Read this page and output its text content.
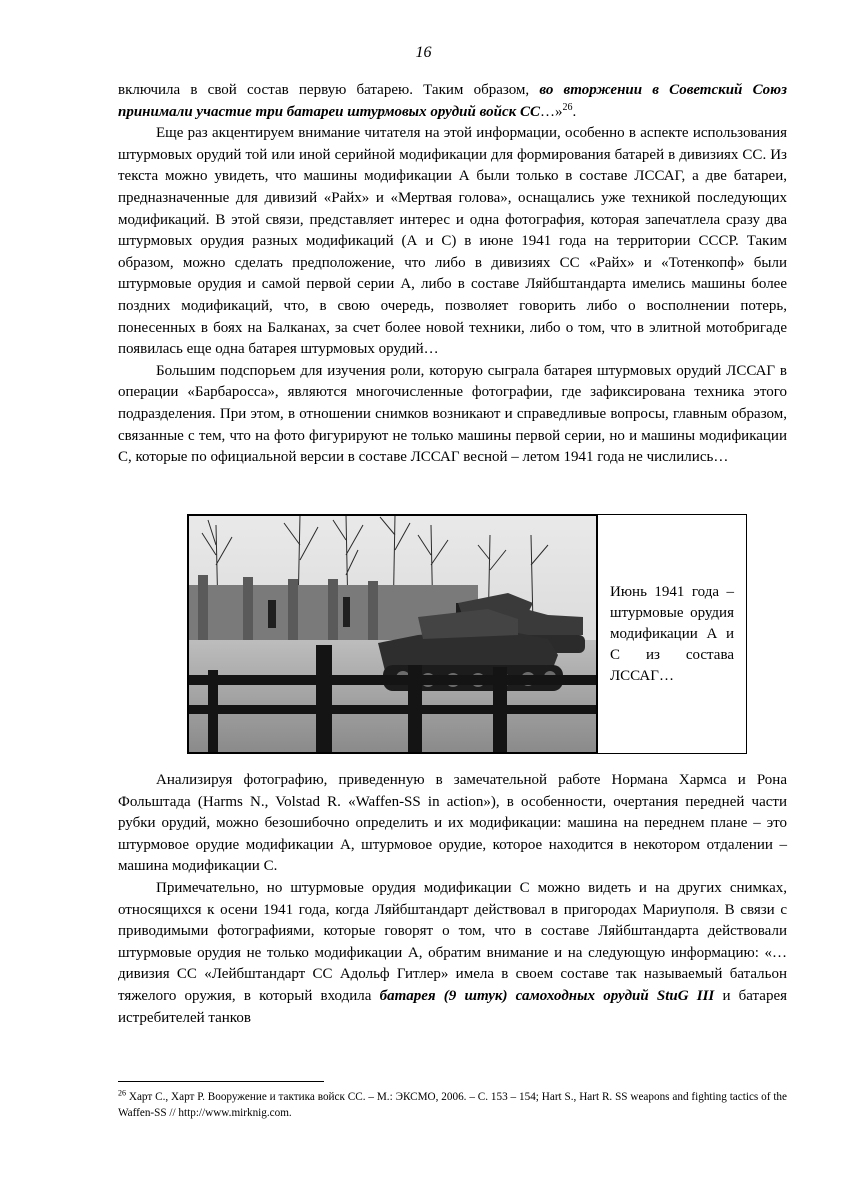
16

включила в свой состав первую батарею. Таким образом, во вторжении в Советский Союз принимали участие три батареи штурмовых орудий войск СС…»$^{26}$.

Еще раз акцентируем внимание читателя на этой информации, особенно в аспекте использования штурмовых орудий той или иной серийной модификации для формирования батарей в дивизиях СС. Из текста можно увидеть, что машины модификации А были только в составе ЛССАГ, а две батареи, предназначенные для дивизий «Райх» и «Мертвая голова», оснащались уже техникой последующих модификаций. В этой связи, представляет интерес и одна фотография, которая запечатлела сразу два штурмовых орудия разных модификаций (А и С) в июне 1941 года на территории СССР. Таким образом, можно сделать предположение, что либо в дивизиях СС «Райх» и «Тотенкопф» были штурмовые орудия и самой первой серии А, либо в составе Ляйбштандарта имелись машины более поздних модификаций, что, в свою очередь, позволяет говорить либо о восполнении потерь, понесенных в боях на Балканах, за счет более новой техники, либо о том, что в элитной мотобригаде появилась еще одна батарея штурмовых орудий…

Большим подспорьем для изучения роли, которую сыграла батарея штурмовых орудий ЛССАГ в операции «Барбаросса», являются многочисленные фотографии, где зафиксирована техника этого подразделения. При этом, в отношении снимков возникают и справедливые вопросы, главным образом, связанные с тем, что на фото фигурируют не только машины первой серии, но и машины модификации С, которые по официальной версии в составе ЛССАГ весной – летом 1941 года не числились…

Июнь 1941 года – штурмовые орудия модификации А и С из состава ЛССАГ…

Анализируя фотографию, приведенную в замечательной работе Нормана Хармса и Рона Фольштада (Harms N., Volstad R. «Waffen-SS in action»), в особенности, очертания передней части рубки орудий, можно безошибочно определить и их модификации: машина на переднем плане – это штурмовое орудие модификации А, штурмовое орудие, которое находится в некотором отдалении – машина модификации С.

Примечательно, но штурмовые орудия модификации С можно видеть и на других снимках, относящихся к осени 1941 года, когда Ляйбштандарт действовал в пригородах Мариуполя. В связи с приводимыми фотографиями, которые говорят о том, что в составе Ляйбштандарта действовали штурмовые орудия не только модификации А, обратим внимание и на следующую информацию: «…дивизия СС «Лейбштандарт СС Адольф Гитлер» имела в своем составе так называемый батальон тяжелого оружия, в который входила батарея (9 штук) самоходных орудий StuG III и батарея истребителей танков

$^{26}$ Харт С., Харт Р. Вооружение и тактика войск СС. – М.: ЭКСМО, 2006. – С. 153 – 154; Hart S., Hart R. SS weapons and fighting tactics of the Waffen-SS // http://www.mirknig.com.
